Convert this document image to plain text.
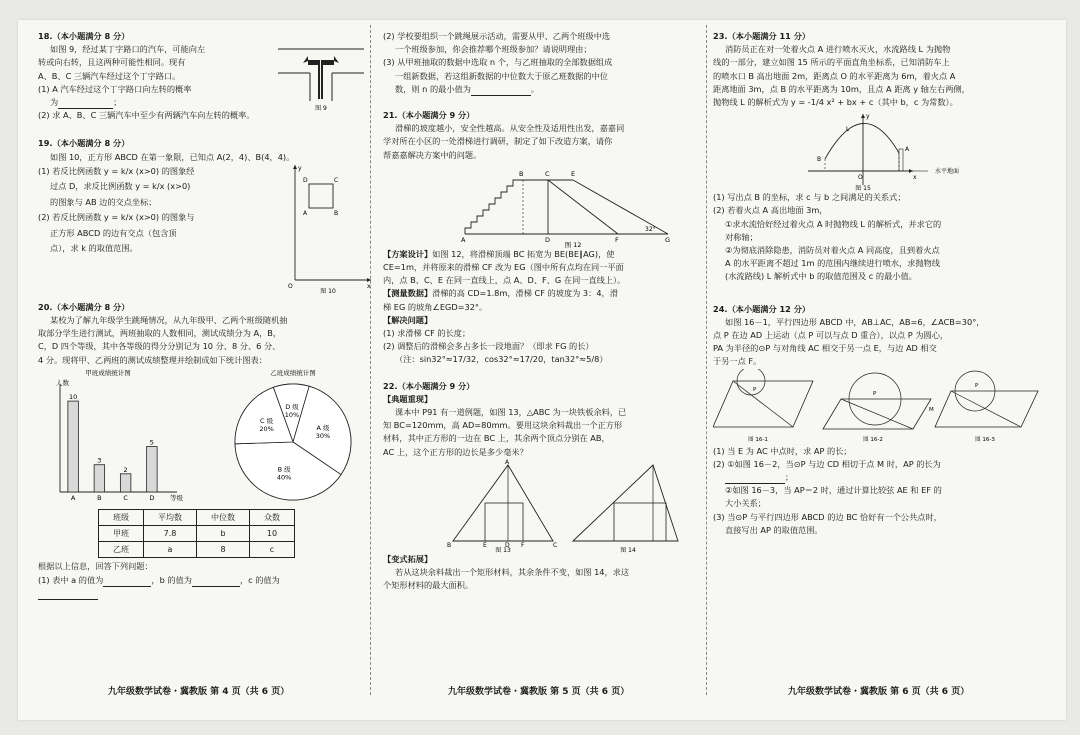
18.（本小题满分 8 分）

如图 9，经过某丁字路口的汽车，可能向左

转或向右转，且这两种可能性相同。现有

A、B、C 三辆汽车经过这个丁字路口。

(1) A 汽车经过这个丁字路口向左转的概率

为	；

图 9

(2) 求 A、B、C 三辆汽车中至少有两辆汽车向左转的概率。

19.（本小题满分 8 分）

如图 10，正方形 ABCD 在第一象限，已知点 A(2，4)、B(4，4)。

(1) 若反比例函数 y = k/x (x>0) 的图象经

过点 D，求反比例函数 y = k/x (x>0)

的图象与 AB 边的交点坐标；

(2) 若反比例函数 y = k/x (x>0) 的图象与

正方形 ABCD 的边有交点（包含顶

点），求 k 的取值范围。

y
x
O
D	C
A	B
图 10

20.（本小题满分 8 分）

某校为了解九年级学生跳绳情况，从九年级甲、乙两个班级随机抽

取部分学生进行测试，两班抽取的人数相同，测试成绩分为 A，B，

C，D 四个等级，其中各等级的得分分别记为 10 分、8 分、6 分、

4 分。现将甲、乙两班的测试成绩整理并绘制成如下统计图表：

甲班成绩统计图
人数
等级
10
A
3
B
2
C
5
D
乙班成绩统计图
D 级
10%
A 级
30%
B 级
40%
C 级
20%
班级	平均数	中位数	众数
甲班	7.8	b	10
乙班	a	8	c

根据以上信息，回答下列问题：

(1) 表中 a 的值为	，b 的值为	，c 的值为

九年级数学试卷・冀教版 第 4 页（共 6 页）

(2) 学校要组织一个跳绳展示活动，需要从甲、乙两个班级中选

一个班级参加，你会推荐哪个班级参加？请说明理由；

(3) 从甲班抽取的数据中选取 n 个，与乙班抽取的全部数据组成

一组新数据，若这组新数据的中位数大于原乙班数据的中位

数，则 n 的最小值为	。

21.（本小题满分 9 分）

滑梯的坡度越小，安全性越高。从安全性及适用性出发，嘉嘉同

学对所在小区的一处滑梯进行调研，制定了如下改造方案，请你

帮嘉嘉解决方案中的问题。

A
B	C	E
D	F	G
32°
图 12

【方案设计】如图 12，将滑梯顶端 BC 拓宽为 BE(BE∥AG)，使

CE=1m，并将原来的滑梯 CF 改为 EG（图中所有点均在同一平面

内，点 B、C、E 在同一直线上，点 A、D、F、G 在同一直线上）。

【测量数据】滑梯的高 CD=1.8m，滑梯 CF 的坡度为 3：4，滑

梯 EG 的坡角∠EGD=32°。

【解决问题】

(1) 求滑梯 CF 的长度；

(2) 调整后的滑梯会多占多长一段地面？（即求 FG 的长）

（注：sin32°≈17/32，cos32°≈17/20，tan32°≈5/8）

22.（本小题满分 9 分）

【典题重现】

课本中 P91 有一道例题，如图 13，△ABC 为一块铁板余料，已

知 BC=120mm，高 AD=80mm。要用这块余料裁出一个正方形

材料，其中正方形的一边在 BC 上，其余两个顶点分别在 AB，

AC 上，这个正方形的边长是多少毫米？

A
B	C
E	D F
图 13	图 14

【变式拓展】

若从这块余料裁出一个矩形材料，其余条件不变，如图 14，求这

个矩形材料的最大面积。

九年级数学试卷・冀教版 第 5 页（共 6 页）

23.（本小题满分 11 分）

消防员正在对一处着火点 A 进行喷水灭火，水流路线 L 为抛物

线的一部分，建立如图 15 所示的平面直角坐标系，已知消防车上

的喷水口 B 高出地面 2m，距离点 O 的水平距离为 6m，着火点 A

距离地面 3m，点 B 的水平距离为 10m，且点 A 距离 y 轴左右两侧，

抛物线 L 的解析式为 y = -1/4 x² + bx + c（其中 b，c 为常数）。

B
A
L
y
x
O
水平地面
图 15

(1) 写出点 B 的坐标，求 c 与 b 之间满足的关系式；

(2) 若着火点 A 高出地面 3m，

①求水流恰好经过着火点 A 时抛物线 L 的解析式，并求它的

对称轴；

②为彻底消除隐患，消防员对着火点 A 同高度，且到着火点

A 的水平距离不超过 1m 的范围内继续进行喷水，求抛物线

(水流路线) L 解析式中 b 的取值范围及 c 的最小值。

24.（本小题满分 12 分）

如图 16－1，平行四边形 ABCD 中，AB⊥AC，AB=6，∠ACB=30°，

点 P 在边 AD 上运动（点 P 可以与点 D 重合），以点 P 为圆心，

PA 为半径的⊙P 与对角线 AC 相交于另一点 E，与边 AD 相交

于另一点 F。

P
图 16-1
P
M
图 16-2
P
图 16-3

(1) 当 E 为 AC 中点时，求 AP 的长；

(2) ①如图 16－2，当⊙P 与边 CD 相切于点 M 时，AP 的长为

；

②如图 16－3，当 AP＝2 时，通过计算比较弦 AE 和 EF 的

大小关系；

(3) 当⊙P 与平行四边形 ABCD 的边 BC 恰好有一个公共点时，

直接写出 AP 的取值范围。

九年级数学试卷・冀教版 第 6 页（共 6 页）
